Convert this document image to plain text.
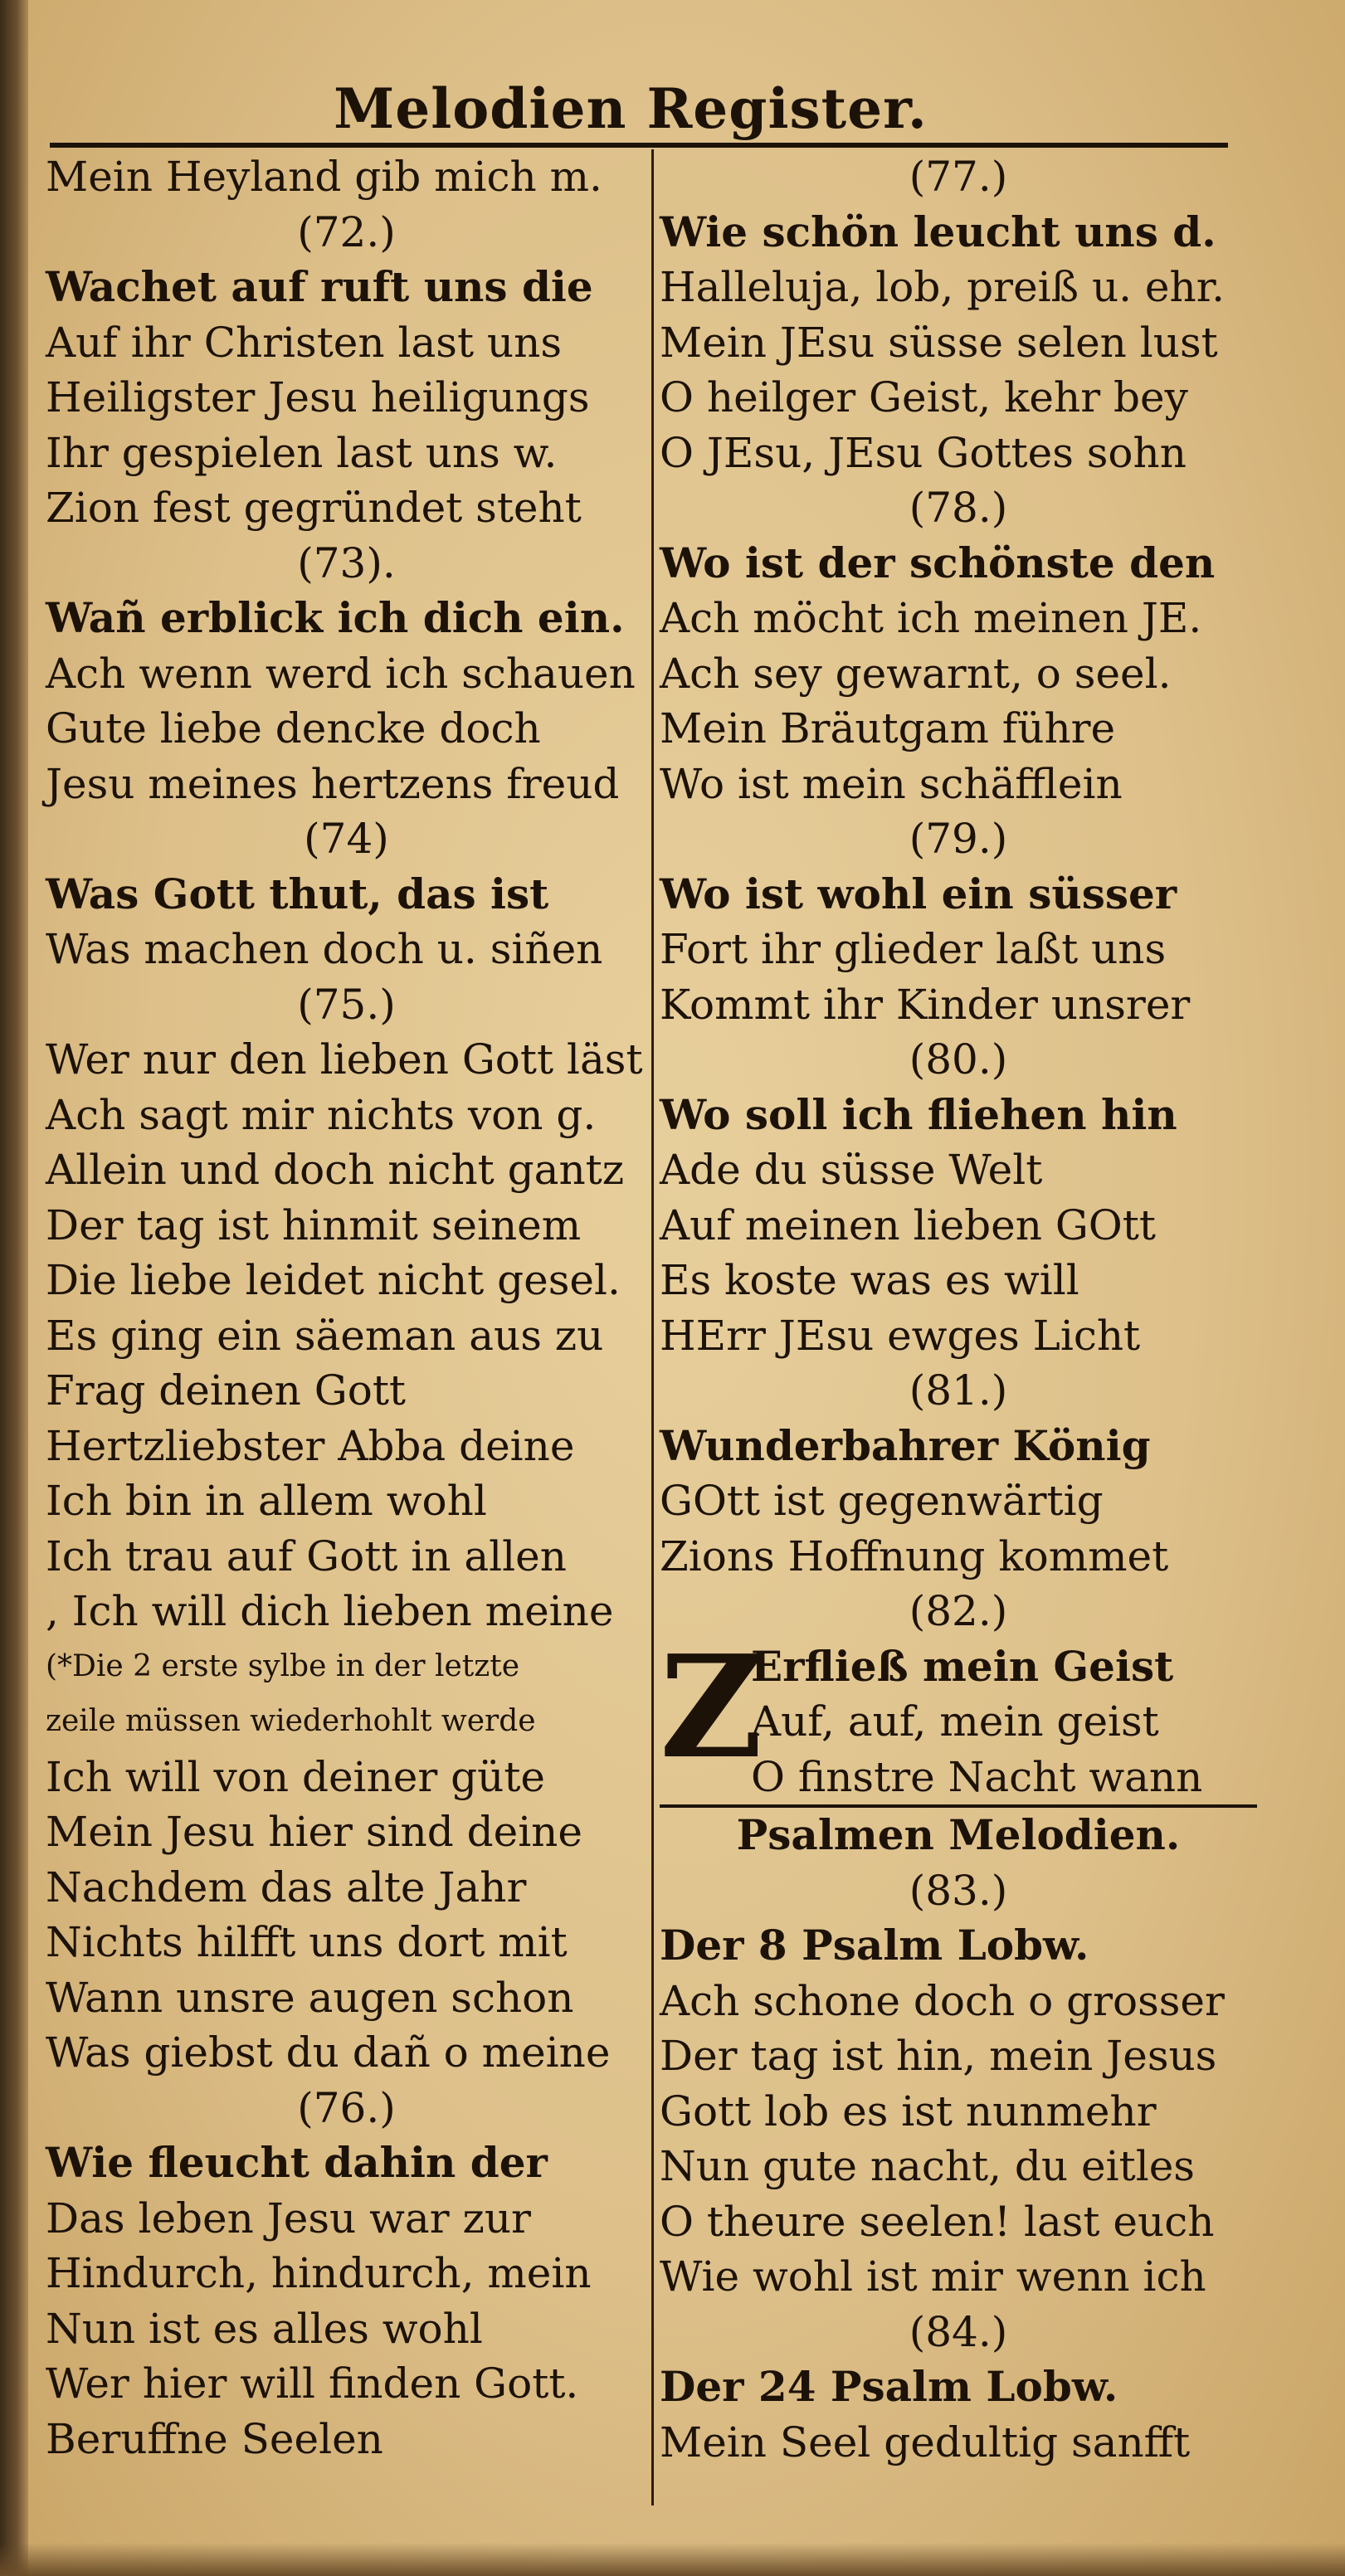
Melodien Register.
Mein Heyland gib mich m.
(72.)
Wachet auf ruft uns die
Auf ihr Christen last uns
Heiligster Jesu heiligungs
Ihr gespielen last uns w.
Zion fest gegründet steht
(73).
Wañ erblick ich dich ein.
Ach wenn werd ich schauen
Gute liebe dencke doch
Jesu meines hertzens freud
(74)
Was Gott thut, das ist
Was machen doch u. siñen
(75.)
Wer nur den lieben Gott läst
Ach sagt mir nichts von g.
Allein und doch nicht gantz
Der tag ist hinmit seinem
Die liebe leidet nicht gesel.
Es ging ein säeman aus zu
Frag deinen Gott
Hertzliebster Abba deine
Ich bin in allem wohl
Ich trau auf Gott in allen
, Ich will dich lieben meine
(*Die 2 erste sylbe in der letzte
zeile müssen wiederhohlt werde
Ich will von deiner güte
Mein Jesu hier sind deine
Nachdem das alte Jahr
Nichts hilfft uns dort mit
Wann unsre augen schon
Was giebst du dañ o meine
(76.)
Wie fleucht dahin der
Das leben Jesu war zur
Hindurch, hindurch, mein
Nun ist es alles wohl
Wer hier will finden Gott.
Beruffne Seelen
(77.)
Wie schön leucht uns d.
Halleluja, lob, preiß u. ehr.
Mein JEsu süsse selen lust
O heilger Geist, kehr bey
O JEsu, JEsu Gottes sohn
(78.)
Wo ist der schönste den
Ach möcht ich meinen JE.
Ach sey gewarnt, o seel.
Mein Bräutgam führe
Wo ist mein schäfflein
(79.)
Wo ist wohl ein süsser
Fort ihr glieder laßt uns
Kommt ihr Kinder unsrer
(80.)
Wo soll ich fliehen hin
Ade du süsse Welt
Auf meinen lieben GOtt
Es koste was es will
HErr JEsu ewges Licht
(81.)
Wunderbahrer König
GOtt ist gegenwärtig
Zions Hoffnung kommet
(82.)
Z
Erfließ mein Geist
Auf, auf, mein geist
O finstre Nacht wann
Psalmen Melodien.
(83.)
Der 8 Psalm Lobw.
Ach schone doch o grosser
Der tag ist hin, mein Jesus
Gott lob es ist nunmehr
Nun gute nacht, du eitles
O theure seelen! last euch
Wie wohl ist mir wenn ich
(84.)
Der 24 Psalm Lobw.
Mein Seel gedultig sanfft
